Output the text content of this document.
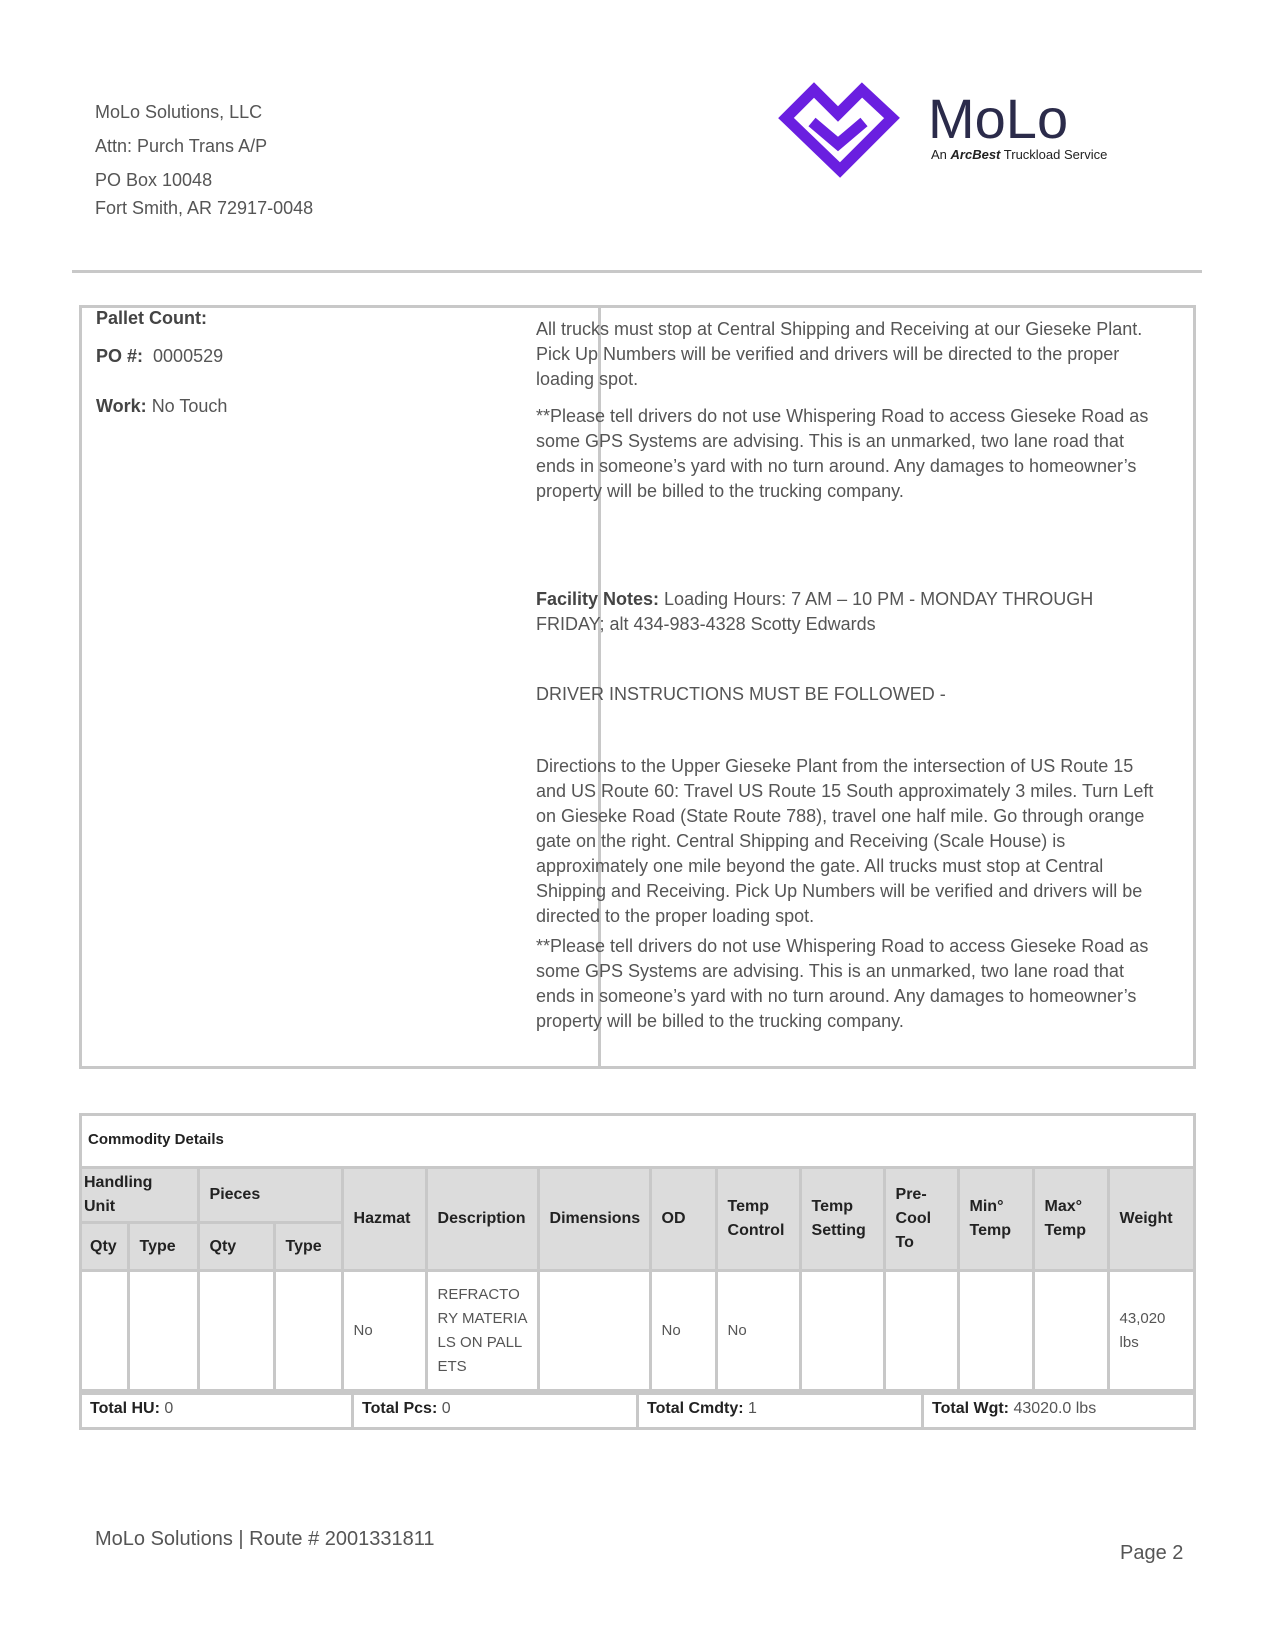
MoLo Solutions, LLC
Attn: Purch Trans A/P
PO Box 10048
Fort Smith, AR 72917-0048
MoLo
An ArcBest Truckload Service
Pallet Count:
PO #: 0000529
Work: No Touch
All trucks must stop at Central Shipping and Receiving at our Gieseke Plant. Pick Up Numbers will be verified and drivers will be directed to the proper loading spot.
**Please tell drivers do not use Whispering Road to access Gieseke Road as some GPS Systems are advising. This is an unmarked, two lane road that ends in someone’s yard with no turn around. Any damages to homeowner’s property will be billed to the trucking company.
Facility Notes: Loading Hours: 7 AM – 10 PM - MONDAY THROUGH FRIDAY; alt 434-983-4328 Scotty Edwards
DRIVER INSTRUCTIONS MUST BE FOLLOWED -
Directions to the Upper Gieseke Plant from the intersection of US Route 15 and US Route 60: Travel US Route 15 South approximately 3 miles. Turn Left on Gieseke Road (State Route 788), travel one half mile. Go through orange gate on the right. Central Shipping and Receiving (Scale House) is approximately one mile beyond the gate. All trucks must stop at Central Shipping and Receiving. Pick Up Numbers will be verified and drivers will be directed to the proper loading spot.
**Please tell drivers do not use Whispering Road to access Gieseke Road as some GPS Systems are advising. This is an unmarked, two lane road that ends in someone’s yard with no turn around. Any damages to homeowner’s property will be billed to the trucking company.
Commodity Details
Handling Unit		Pieces		Hazmat	Description	Dimensions	OD	Temp Control	Temp Setting	Pre-Cool To	Min° Temp	Max° Temp	Weight
Qty	Type	Qty	Type										
				No	REFRACTORY MATERIALS ON PALLETS		No	No					43,020 lbs
Total HU: 0	Total Pcs: 0	Total Cmdty: 1	Total Wgt: 43020.0 lbs
MoLo Solutions | Route # 2001331811
Page 2
